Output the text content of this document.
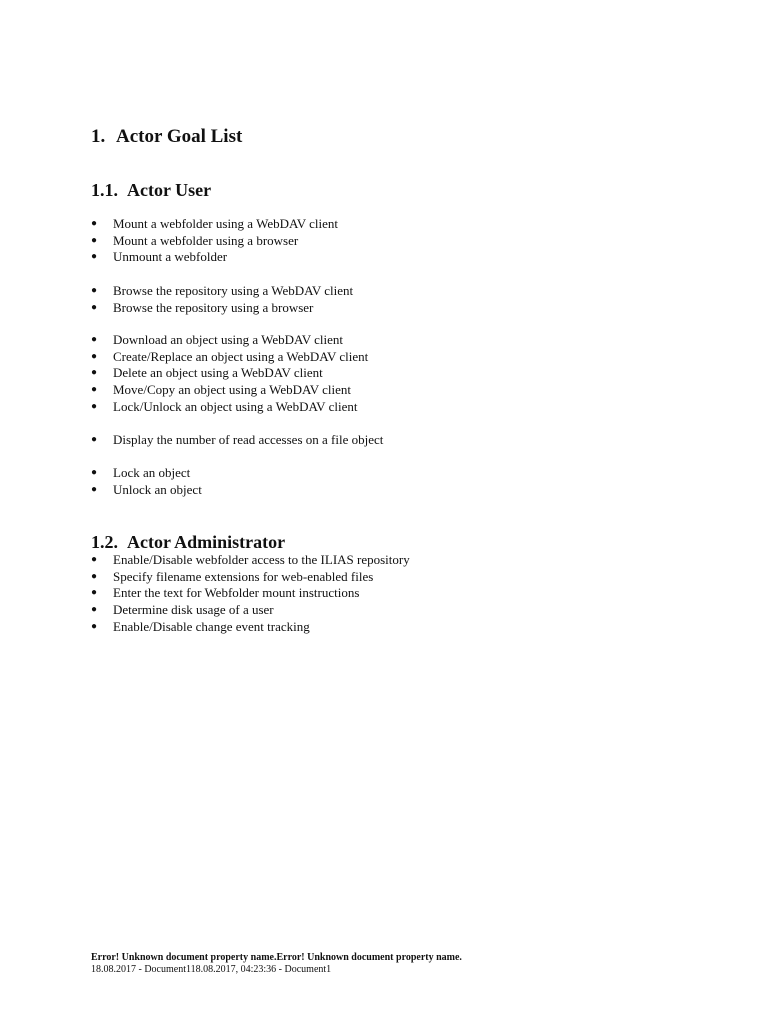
1. Actor Goal List
1.1. Actor User
● Mount a webfolder using a WebDAV client
● Mount a webfolder using a browser
● Unmount a webfolder
● Browse the repository using a WebDAV client
● Browse the repository using a browser
● Download an object using a WebDAV client
● Create/Replace an object using a WebDAV client
● Delete an object using a WebDAV client
● Move/Copy an object using a WebDAV client
● Lock/Unlock an object using a WebDAV client
● Display the number of read accesses on a file object
● Lock an object
● Unlock an object
1.2. Actor Administrator
● Enable/Disable webfolder access to the ILIAS repository
● Specify filename extensions for web-enabled files
● Enter the text for Webfolder mount instructions
● Determine disk usage of a user
● Enable/Disable change event tracking
Error! Unknown document property name.Error! Unknown document property name.
18.08.2017 - Document118.08.2017, 04:23:36 - Document1
